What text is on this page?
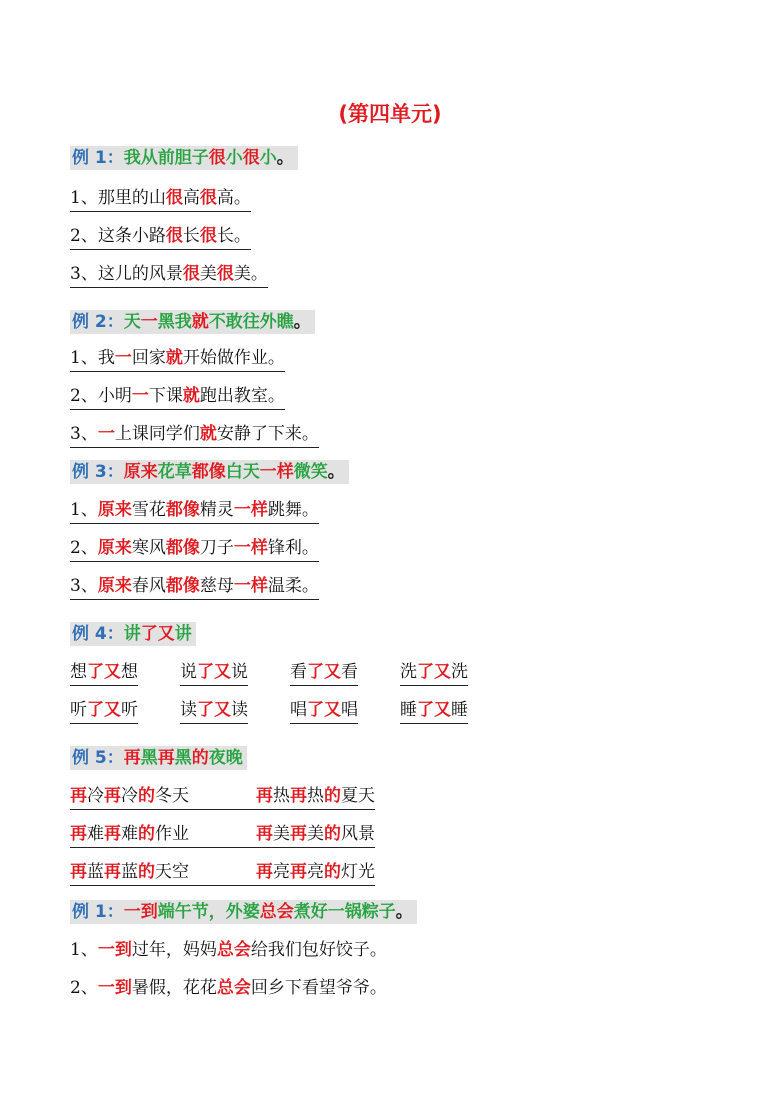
(第四单元)
例 1：我从前胆子很小很小。
1、那里的山很高很高。
2、这条小路很长很长。
3、这儿的风景很美很美。
例 2：天一黑我就不敢往外瞧。
1、我一回家就开始做作业。
2、小明一下课就跑出教室。
3、一上课同学们就安静了下来。
例 3：原来花草都像白天一样微笑。
1、原来雪花都像精灵一样跳舞。
2、原来寒风都像刀子一样锋利。
3、原来春风都像慈母一样温柔。
例 4：讲了又讲
想了又想 说了又说 看了又看 洗了又洗
听了又听 读了又读 唱了又唱 睡了又睡
例 5：再黑再黑的夜晚
再冷再冷的冬天	再热再热的夏天
再难再难的作业	再美再美的风景
再蓝再蓝的天空	再亮再亮的灯光
例 1：一到端午节，外婆总会煮好一锅粽子。
1、一到过年，妈妈总会给我们包好饺子。
2、一到暑假，花花总会回乡下看望爷爷。
